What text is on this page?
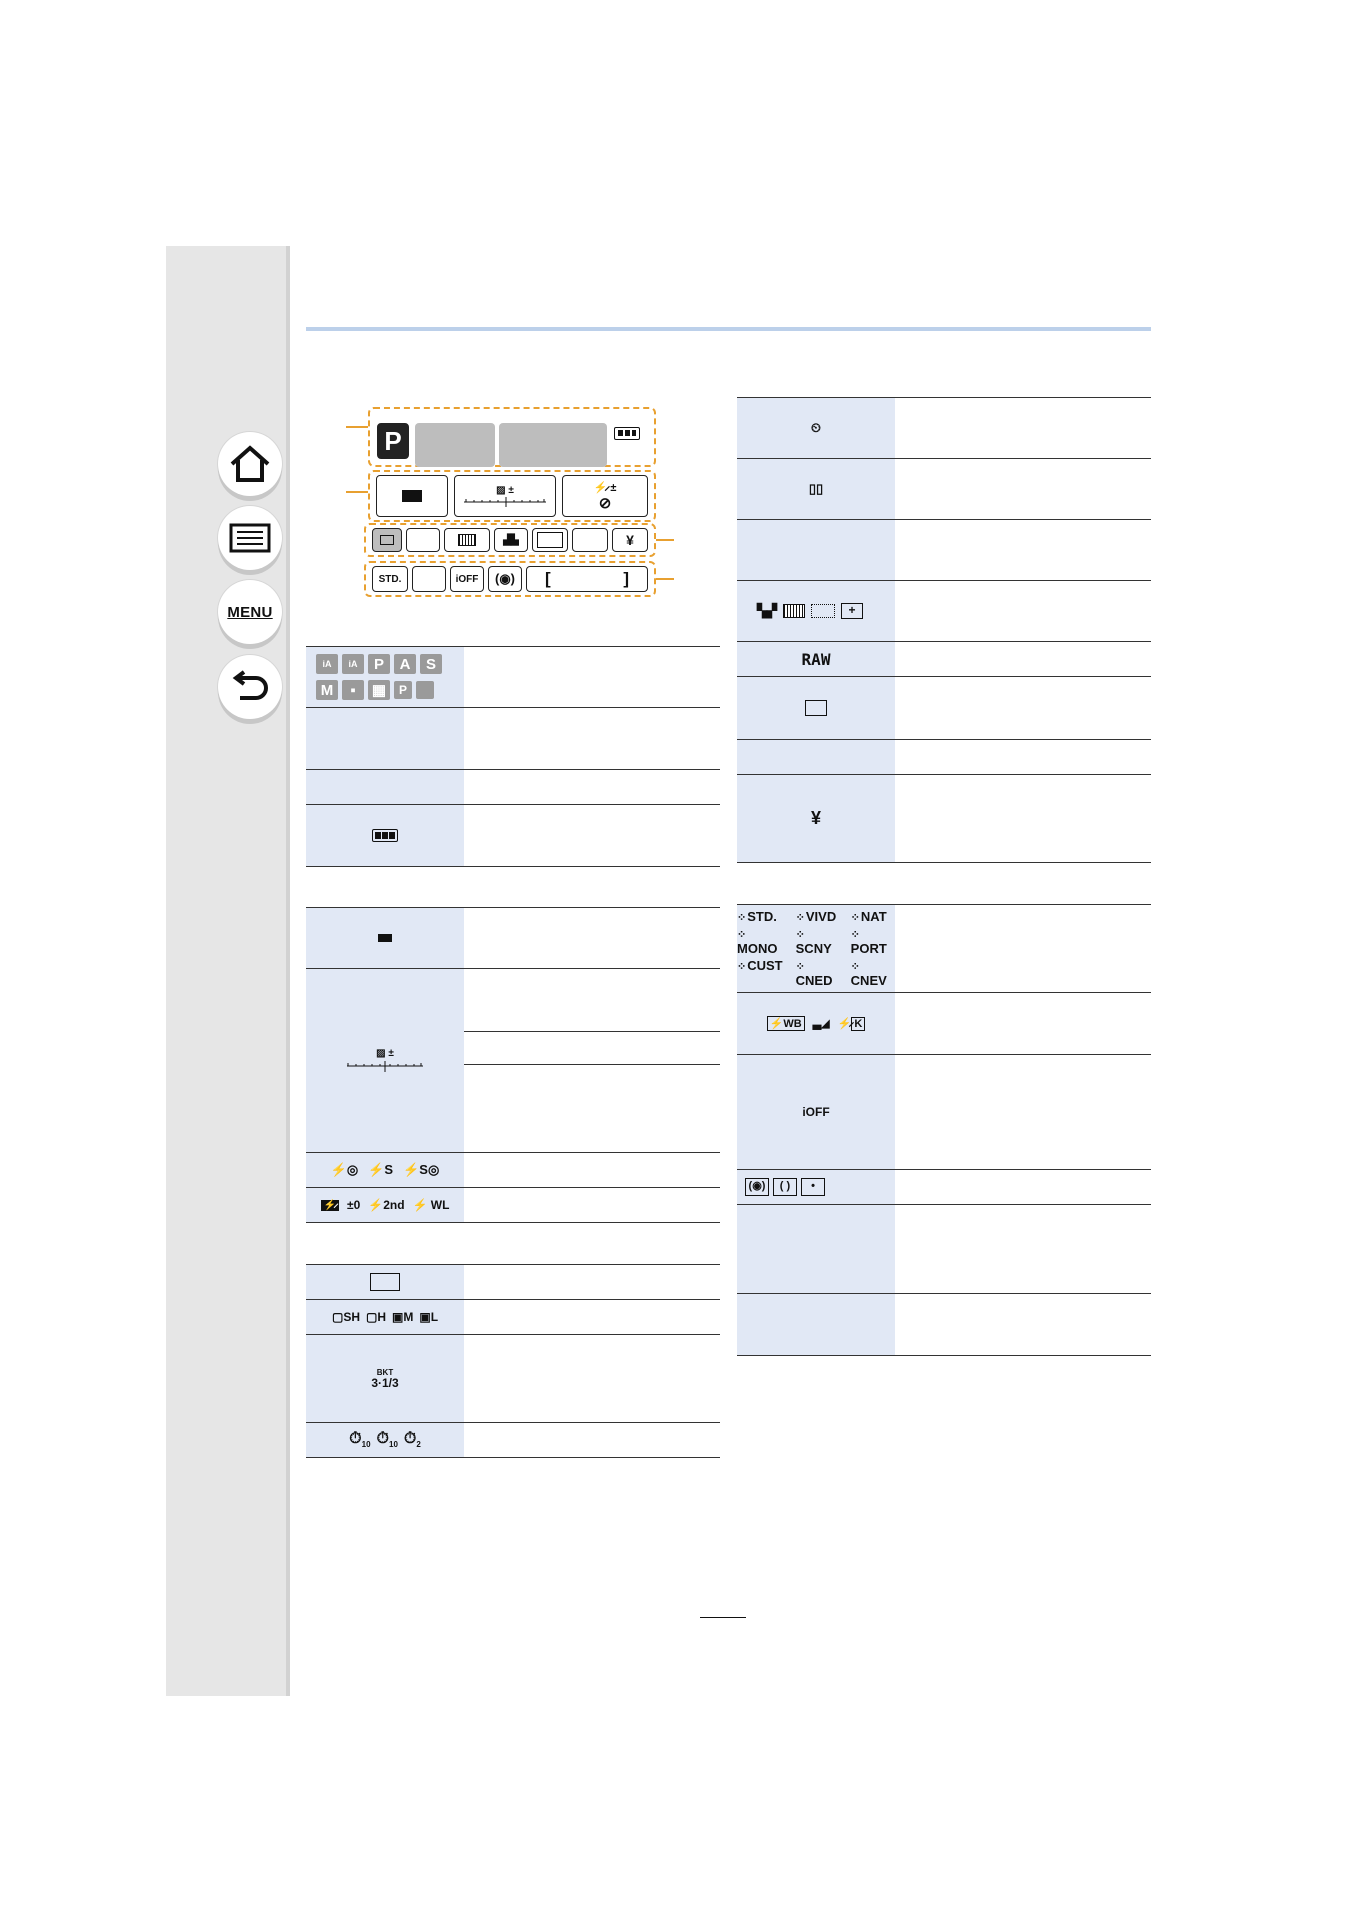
MENU
P
▨ ±	⚡̷ ±
⊘
▟▙	¥
STD.	iOFF (◉) [	]
iA	iA	P	A	S
M	▪	▦	P
▨ ±
⚡◎ ⚡S ⚡S◎
⚡̷ ±0 ⚡2nd ⚡ WL
▢SH ▢H ▣M ▣L
BKT
3·1/3
$⏱_{10}$ $⏱_{10}$ $⏱_2$
⏲
▯▯
▚▞	+
RAW
¥
⁘ STD.	⁘ VIVD	⁘ NAT
⁘ MONO	⁘ SCNY	⁘ PORT
⁘ CUST
⁘ CNED	⁘ CNEV
⚡WB ▃◢ ⚡̷ K
iOFF
(◉)	( )	•
